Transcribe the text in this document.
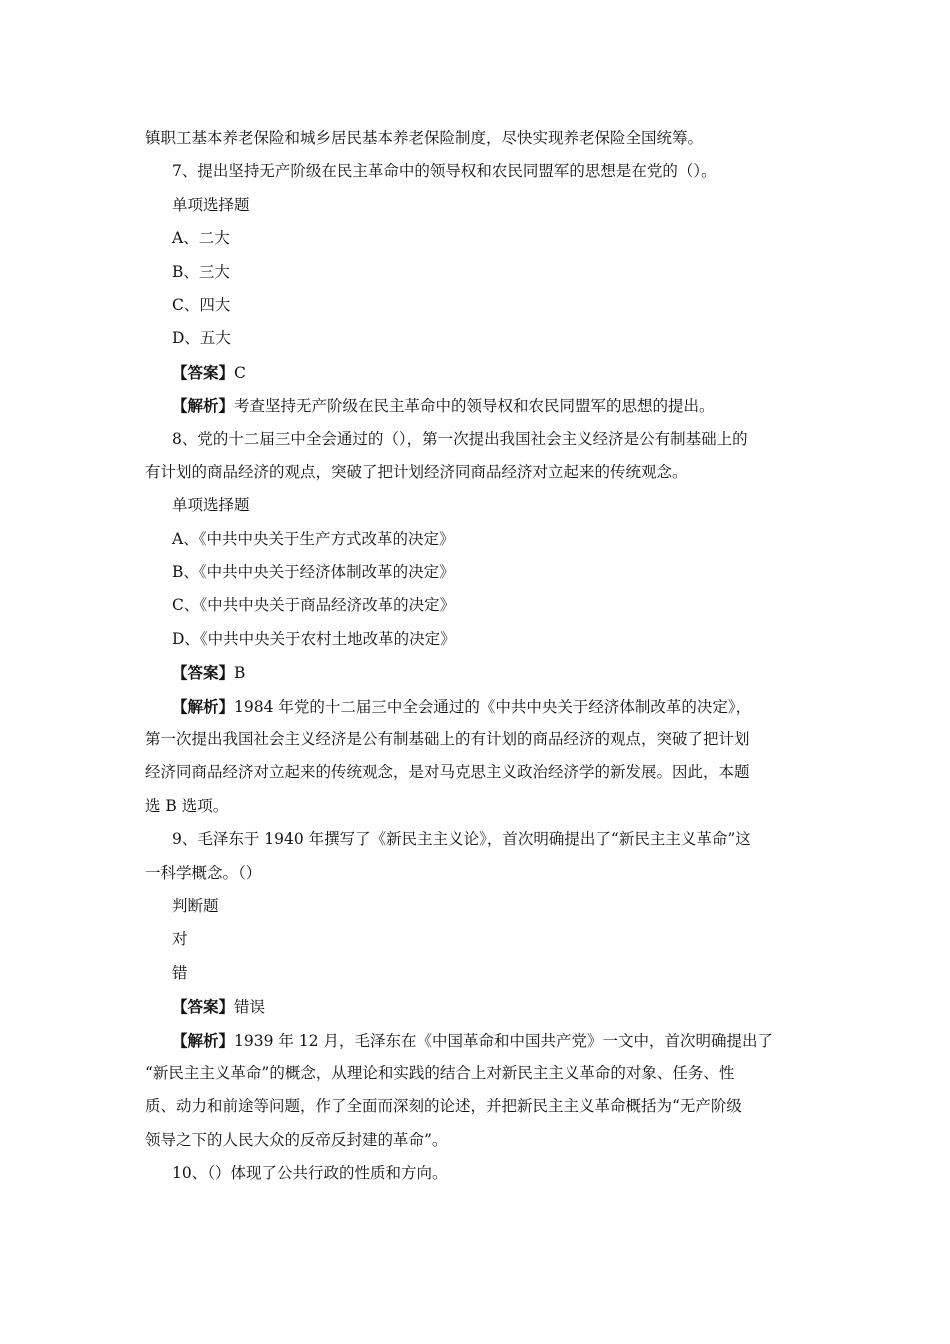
镇职工基本养老保险和城乡居民基本养老保险制度，尽快实现养老保险全国统筹。
7、提出坚持无产阶级在民主革命中的领导权和农民同盟军的思想是在党的（）。
单项选择题
A、二大
B、三大
C、四大
D、五大
【答案】C
【解析】考查坚持无产阶级在民主革命中的领导权和农民同盟军的思想的提出。
8、党的十二届三中全会通过的（），第一次提出我国社会主义经济是公有制基础上的
有计划的商品经济的观点，突破了把计划经济同商品经济对立起来的传统观念。
单项选择题
A、《中共中央关于生产方式改革的决定》
B、《中共中央关于经济体制改革的决定》
C、《中共中央关于商品经济改革的决定》
D、《中共中央关于农村土地改革的决定》
【答案】B
【解析】1984 年党的十二届三中全会通过的《中共中央关于经济体制改革的决定》，
第一次提出我国社会主义经济是公有制基础上的有计划的商品经济的观点，突破了把计划
经济同商品经济对立起来的传统观念，是对马克思主义政治经济学的新发展。因此，本题
选 B 选项。
9、毛泽东于 1940 年撰写了《新民主主义论》，首次明确提出了“新民主主义革命”这
一科学概念。（）
判断题
对
错
【答案】错误
【解析】1939 年 12 月，毛泽东在《中国革命和中国共产党》一文中，首次明确提出了
“新民主主义革命”的概念，从理论和实践的结合上对新民主主义革命的对象、任务、性
质、动力和前途等问题，作了全面而深刻的论述，并把新民主主义革命概括为“无产阶级
领导之下的人民大众的反帝反封建的革命”。
10、（）体现了公共行政的性质和方向。
